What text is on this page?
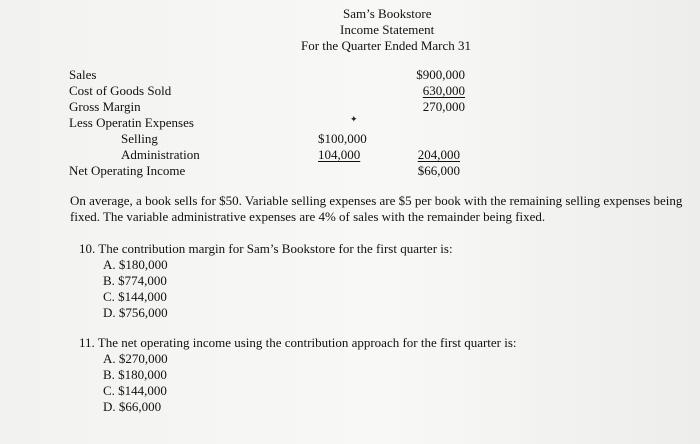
Sam’s Bookstore
Income Statement
For the Quarter Ended March 31
Sales
Cost of Goods Sold
Gross Margin
Less Operatin Expenses
Selling
Administration
Net Operating Income
$100,000
104,000
$900,000
630,000
270,000
204,000
$66,000
✦
On average, a book sells for $50. Variable selling expenses are $5 per book with the remaining selling expenses being fixed. The variable administrative expenses are 4% of sales with the remainder being fixed.
10. The contribution margin for Sam’s Bookstore for the first quarter is:
A. $180,000
B. $774,000
C. $144,000
D. $756,000
11. The net operating income using the contribution approach for the first quarter is:
A. $270,000
B. $180,000
C. $144,000
D. $66,000
